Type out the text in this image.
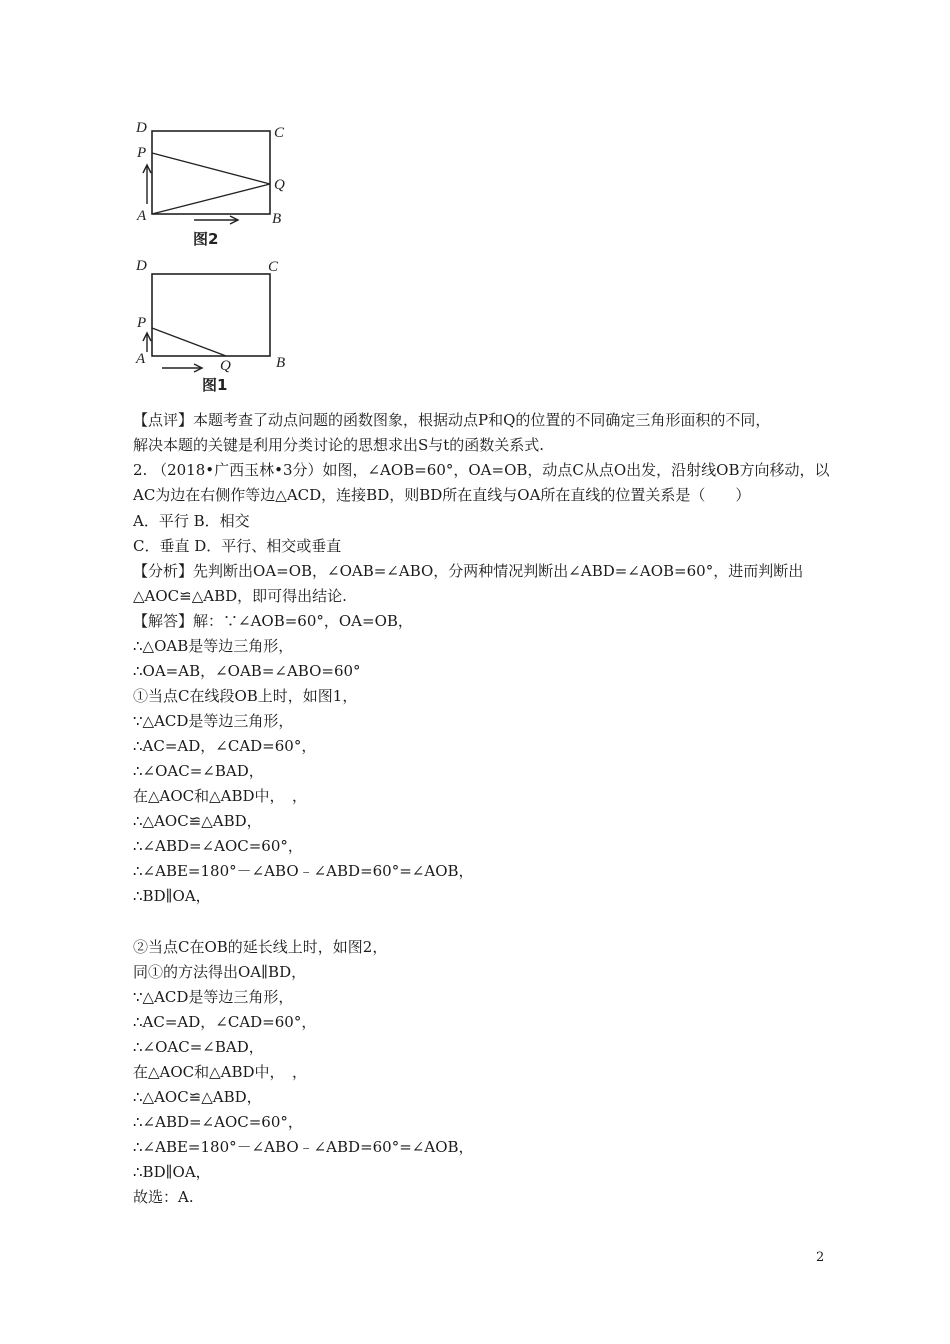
D	C
P
Q
A	B
图2
D	C
P
A	Q	B
图1
【点评】本题考查了动点问题的函数图象，根据动点P和Q的位置的不同确定三角形面积的不同，
解决本题的关键是利用分类讨论的思想求出S与t的函数关系式.
2. （2018•广西玉林•3分）如图，∠AOB=60°，OA=OB，动点C从点O出发，沿射线OB方向移动，以
AC为边在右侧作等边△ACD，连接BD，则BD所在直线与OA所在直线的位置关系是（　　）
A．平行 B．相交
C．垂直 D．平行、相交或垂直
【分析】先判断出OA=OB，∠OAB=∠ABO，分两种情况判断出∠ABD=∠AOB=60°，进而判断出
△AOC≌△ABD，即可得出结论.
【解答】解：∵∠AOB=60°，OA=OB，
∴△OAB是等边三角形，
∴OA=AB，∠OAB=∠ABO=60°
①当点C在线段OB上时，如图1，
∵△ACD是等边三角形，
∴AC=AD，∠CAD=60°，
∴∠OAC=∠BAD，
在△AOC和△ABD中，　，
∴△AOC≌△ABD，
∴∠ABD=∠AOC=60°，
∴∠ABE=180°－∠ABO﹣∠ABD=60°=∠AOB，
∴BD∥OA，
②当点C在OB的延长线上时，如图2，
同①的方法得出OA∥BD，
∵△ACD是等边三角形，
∴AC=AD，∠CAD=60°，
∴∠OAC=∠BAD，
在△AOC和△ABD中，　，
∴△AOC≌△ABD，
∴∠ABD=∠AOC=60°，
∴∠ABE=180°－∠ABO﹣∠ABD=60°=∠AOB，
∴BD∥OA，
故选：A.
2
